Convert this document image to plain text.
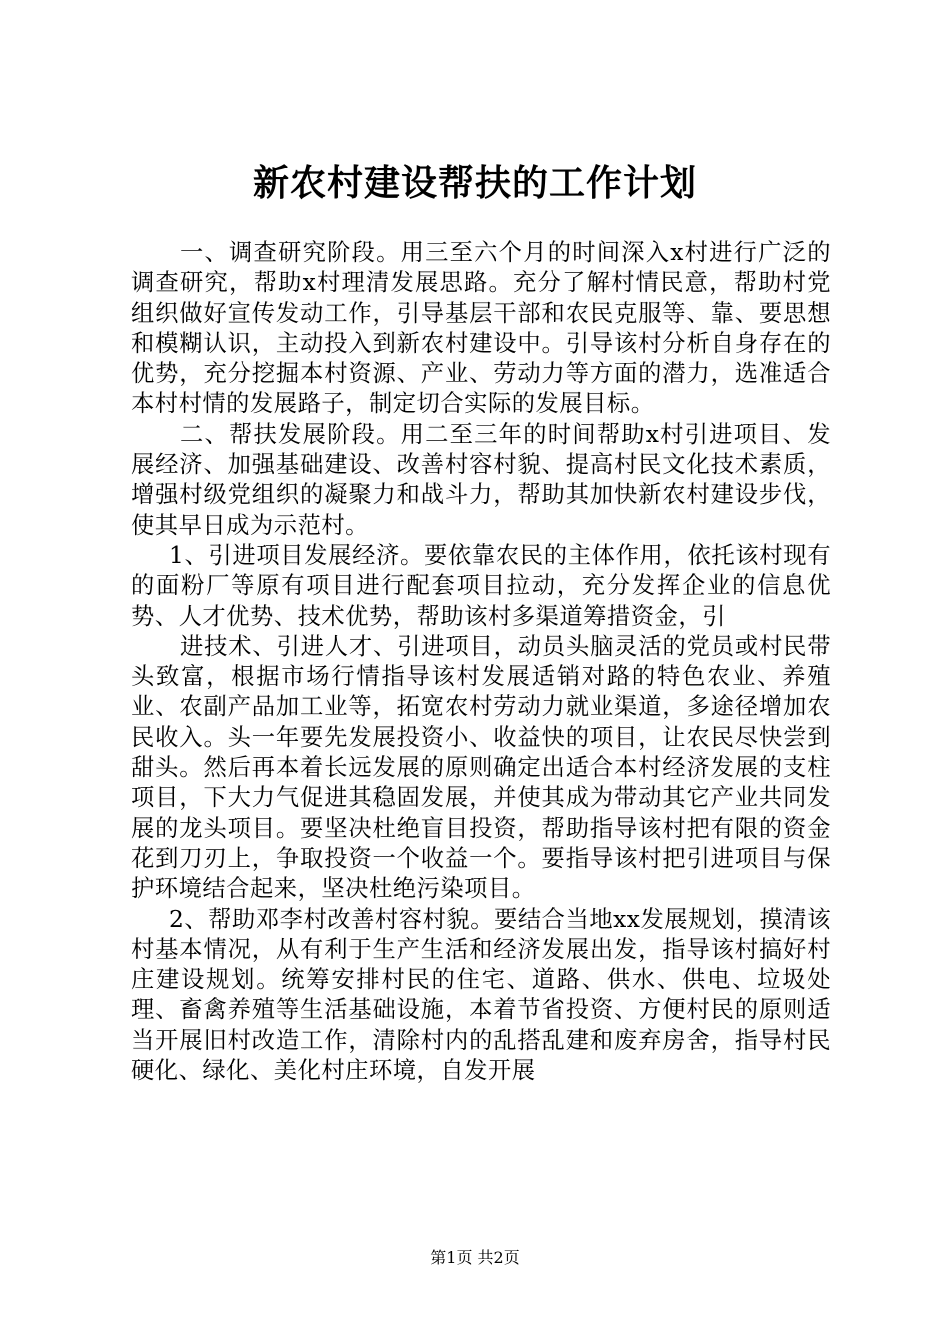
新农村建设帮扶的工作计划

一、调查研究阶段。用三至六个月的时间深入x村进行广泛的调查研究，帮助x村理清发展思路。充分了解村情民意，帮助村党组织做好宣传发动工作，引导基层干部和农民克服等、靠、要思想和模糊认识，主动投入到新农村建设中。引导该村分析自身存在的优势，充分挖掘本村资源、产业、劳动力等方面的潜力，选准适合本村村情的发展路子，制定切合实际的发展目标。

二、帮扶发展阶段。用二至三年的时间帮助x村引进项目、发展经济、加强基础建设、改善村容村貌、提高村民文化技术素质，增强村级党组织的凝聚力和战斗力，帮助其加快新农村建设步伐，使其早日成为示范村。

1、引进项目发展经济。要依靠农民的主体作用，依托该村现有的面粉厂等原有项目进行配套项目拉动，充分发挥企业的信息优势、人才优势、技术优势，帮助该村多渠道筹措资金，引

进技术、引进人才、引进项目，动员头脑灵活的党员或村民带头致富，根据市场行情指导该村发展适销对路的特色农业、养殖业、农副产品加工业等，拓宽农村劳动力就业渠道，多途径增加农民收入。头一年要先发展投资小、收益快的项目，让农民尽快尝到甜头。然后再本着长远发展的原则确定出适合本村经济发展的支柱项目，下大力气促进其稳固发展，并使其成为带动其它产业共同发展的龙头项目。要坚决杜绝盲目投资，帮助指导该村把有限的资金花到刀刃上，争取投资一个收益一个。要指导该村把引进项目与保护环境结合起来，坚决杜绝污染项目。

2、帮助邓李村改善村容村貌。要结合当地xx发展规划，摸清该村基本情况，从有利于生产生活和经济发展出发，指导该村搞好村庄建设规划。统筹安排村民的住宅、道路、供水、供电、垃圾处理、畜禽养殖等生活基础设施，本着节省投资、方便村民的原则适当开展旧村改造工作，清除村内的乱搭乱建和废弃房舍，指导村民硬化、绿化、美化村庄环境，自发开展

第1页 共2页
